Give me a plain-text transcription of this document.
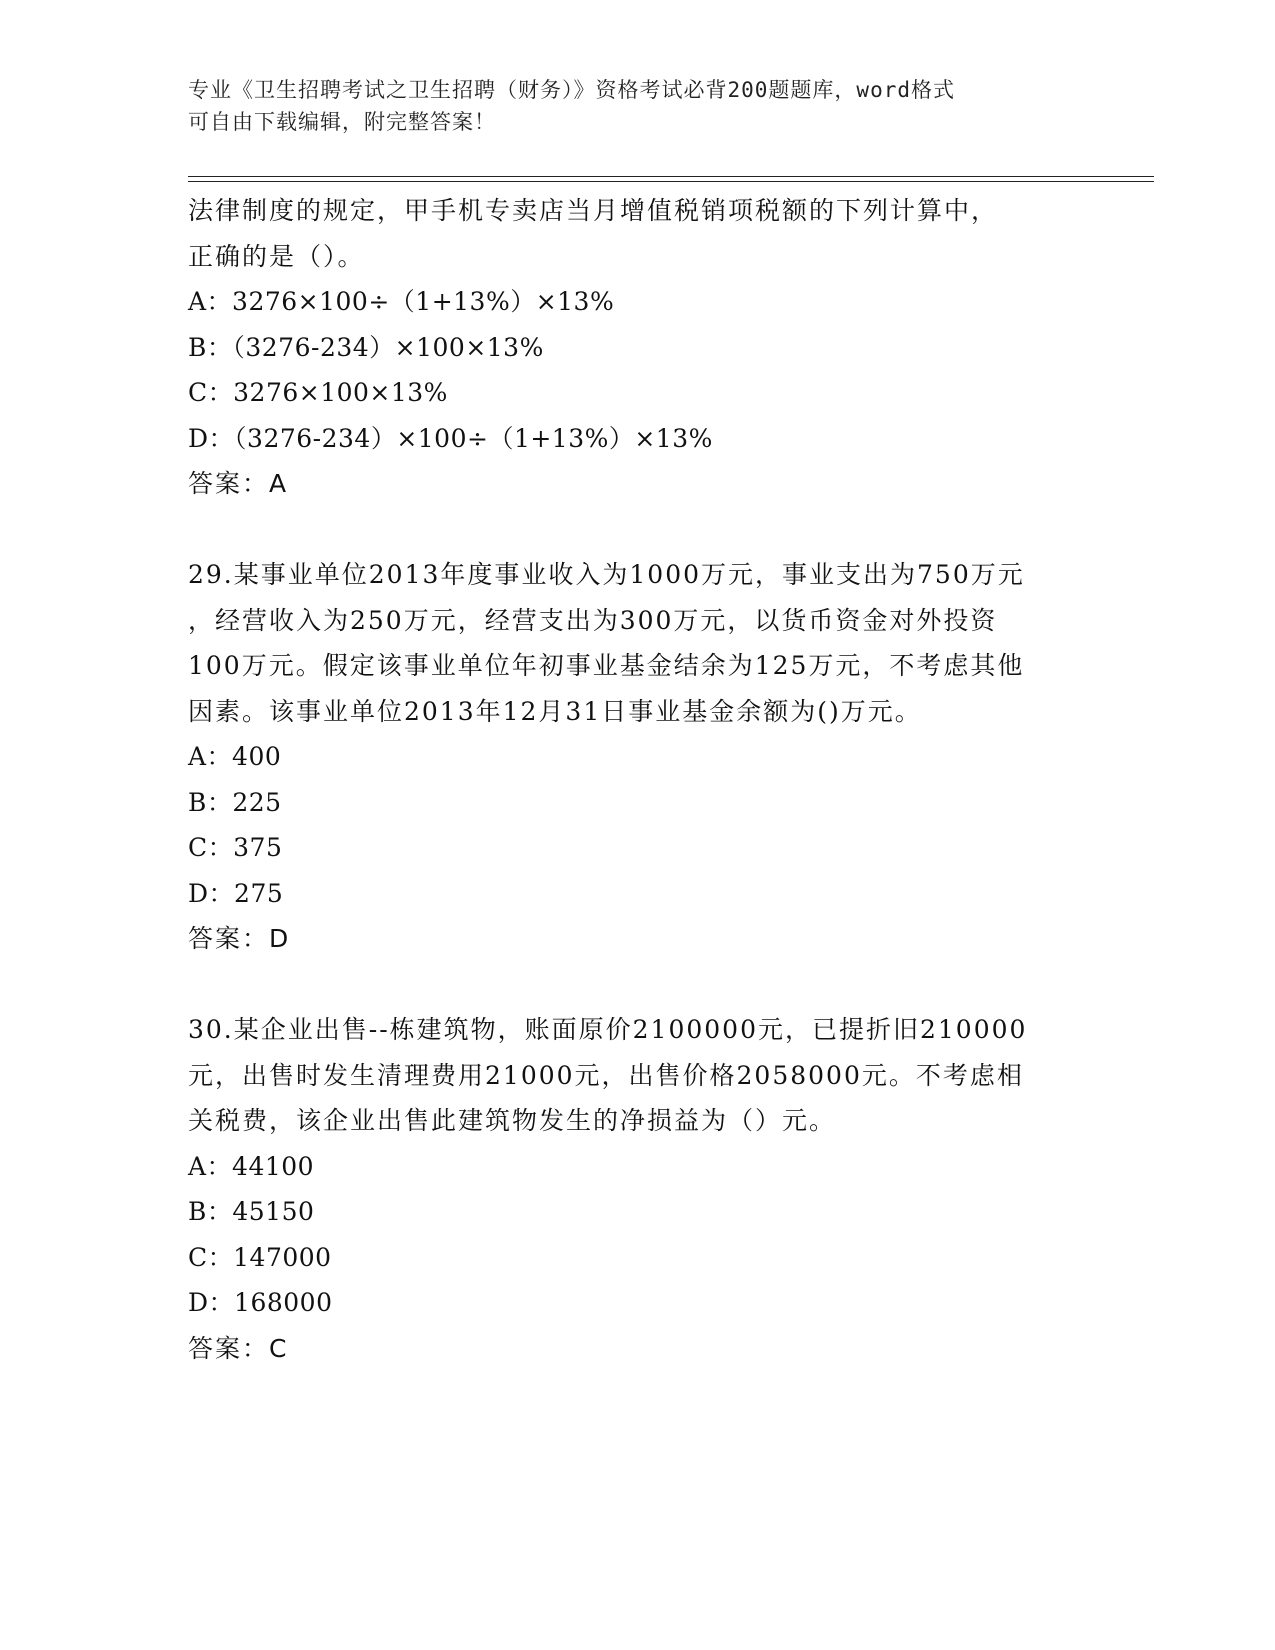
专业《卫生招聘考试之卫生招聘（财务）》资格考试必背200题题库，word格式
可自由下载编辑，附完整答案！
法律制度的规定，甲手机专卖店当月增值税销项税额的下列计算中，
正确的是（）。
A：3276×100÷（1+13%）×13%
B：（3276-234）×100×13%
C：3276×100×13%
D：（3276-234）×100÷（1+13%）×13%
答案：A
29.某事业单位2013年度事业收入为1000万元，事业支出为750万元
，经营收入为250万元，经营支出为300万元，以货币资金对外投资
100万元。假定该事业单位年初事业基金结余为125万元，不考虑其他
因素。该事业单位2013年12月31日事业基金余额为()万元。
A：400
B：225
C：375
D：275
答案：D
30.某企业出售--栋建筑物，账面原价2100000元，已提折旧210000
元，出售时发生清理费用21000元，出售价格2058000元。不考虑相
关税费，该企业出售此建筑物发生的净损益为（）元。
A：44100
B：45150
C：147000
D：168000
答案：C
